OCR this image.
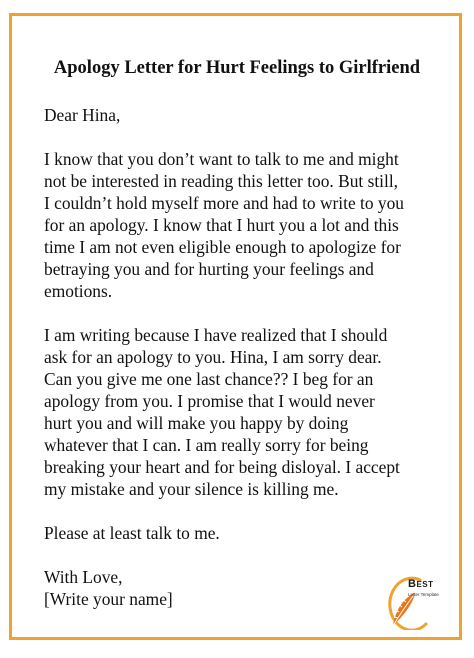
Apology Letter for Hurt Feelings to Girlfriend

Dear Hina,

I know that you don’t want to talk to me and might
not be interested in reading this letter too. But still,
I couldn’t hold myself more and had to write to you
for an apology. I know that I hurt you a lot and this
time I am not even eligible enough to apologize for
betraying you and for hurting your feelings and
emotions.

I am writing because I have realized that I should
ask for an apology to you. Hina, I am sorry dear.
Can you give me one last chance?? I beg for an
apology from you. I promise that I would never
hurt you and will make you happy by doing
whatever that I can. I am really sorry for being
breaking your heart and for being disloyal. I accept
my mistake and your silence is killing me.

Please at least talk to me.

With Love,

[Write your name]

Best
Letter Template
